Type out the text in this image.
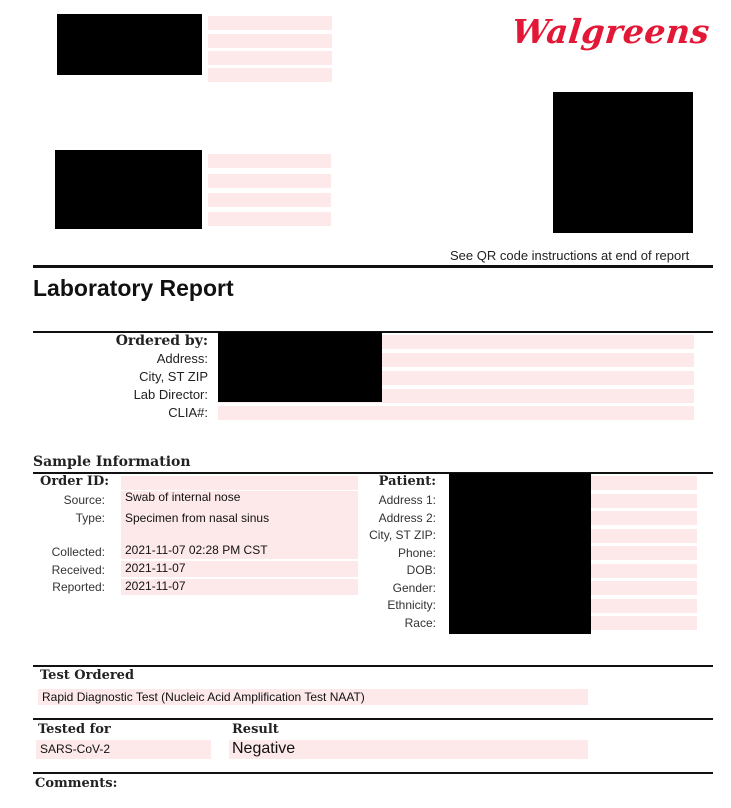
Walgreens
See QR code instructions at end of report
Laboratory Report
Ordered by:
Address:
City, ST ZIP
Lab Director:
CLIA#:
Sample Information
Order ID:
Source: Swab of internal nose
Type: Specimen from nasal sinus
Collected: 2021-11-07 02:28 PM CST
Received: 2021-11-07
Reported: 2021-11-07
Patient:
Address 1:
Address 2:
City, ST ZIP:
Phone:
DOB:
Gender:
Ethnicity:
Race:
Test Ordered
Rapid Diagnostic Test (Nucleic Acid Amplification Test NAAT)
Tested for	Result
SARS-CoV-2	Negative
Comments:
